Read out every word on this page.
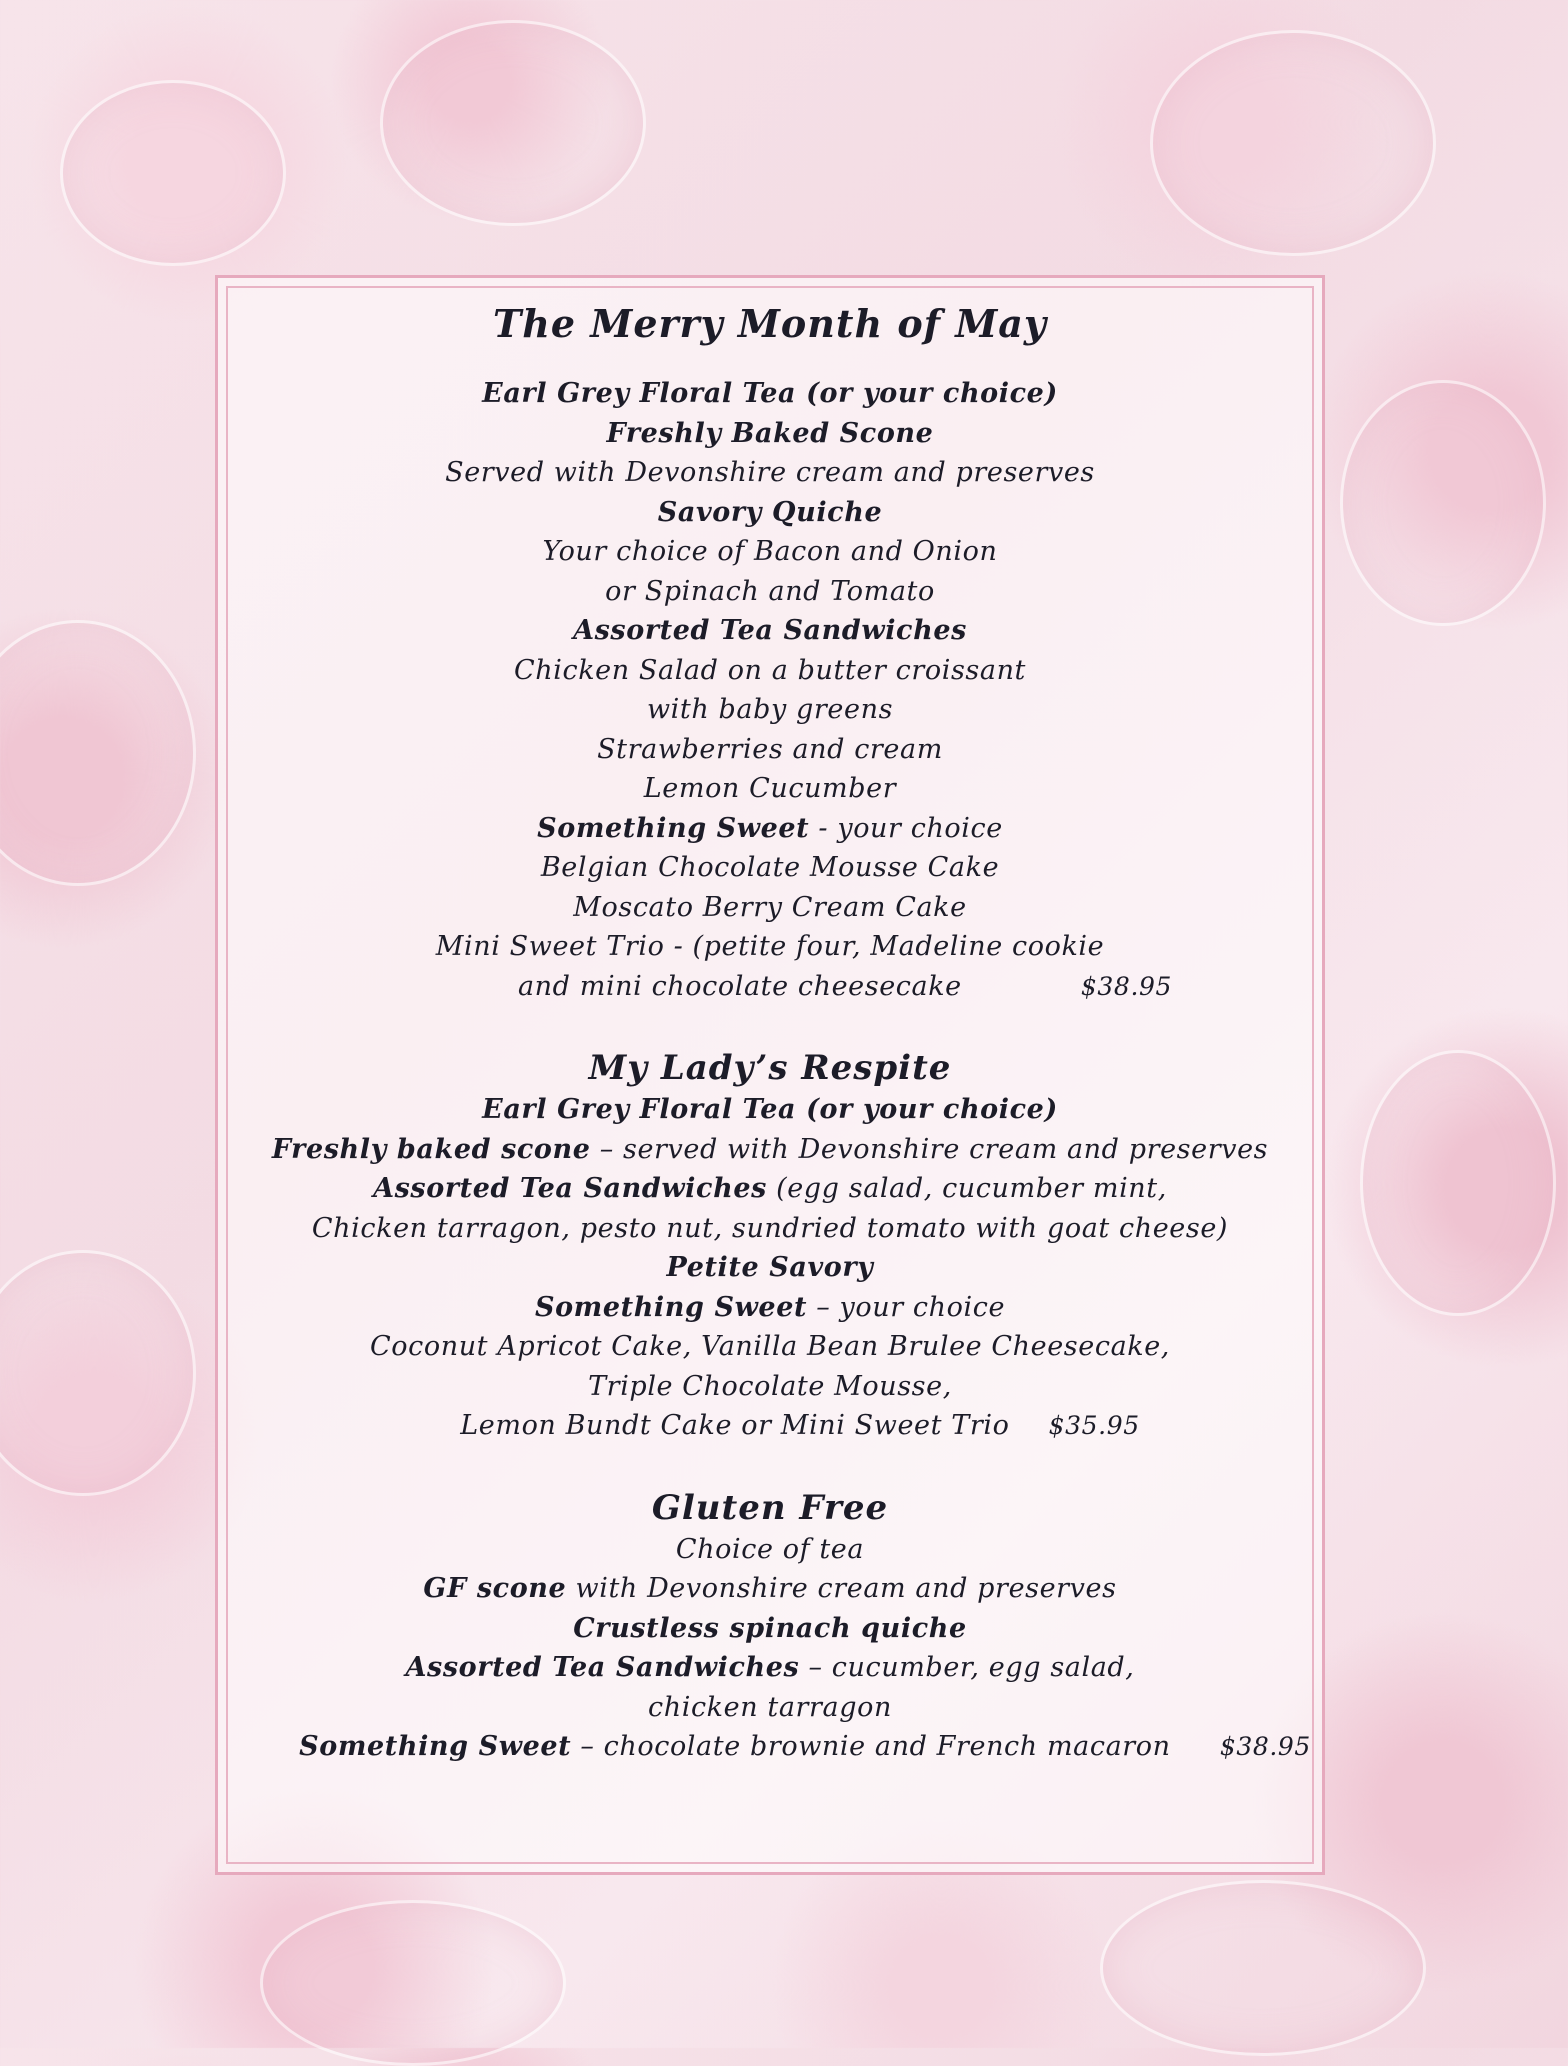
The Merry Month of May
Earl Grey Floral Tea (or your choice)
Freshly Baked Scone
Served with Devonshire cream and preserves
Savory Quiche
Your choice of Bacon and Onion
or Spinach and Tomato
Assorted Tea Sandwiches
Chicken Salad on a butter croissant
with baby greens
Strawberries and cream
Lemon Cucumber
Something Sweet - your choice
Belgian Chocolate Mousse Cake
Moscato Berry Cream Cake
Mini Sweet Trio - (petite four, Madeline cookie
and mini chocolate cheesecake	$38.95
My Lady’s Respite
Earl Grey Floral Tea (or your choice)
Freshly baked scone – served with Devonshire cream and preserves
Assorted Tea Sandwiches (egg salad, cucumber mint,
Chicken tarragon, pesto nut, sundried tomato with goat cheese)
Petite Savory
Something Sweet – your choice
Coconut Apricot Cake, Vanilla Bean Brulee Cheesecake,
Triple Chocolate Mousse,
Lemon Bundt Cake or Mini Sweet Trio $35.95
Gluten Free
Choice of tea
GF scone with Devonshire cream and preserves
Crustless spinach quiche
Assorted Tea Sandwiches – cucumber, egg salad,
chicken tarragon
Something Sweet – chocolate brownie and French macaron $38.95
